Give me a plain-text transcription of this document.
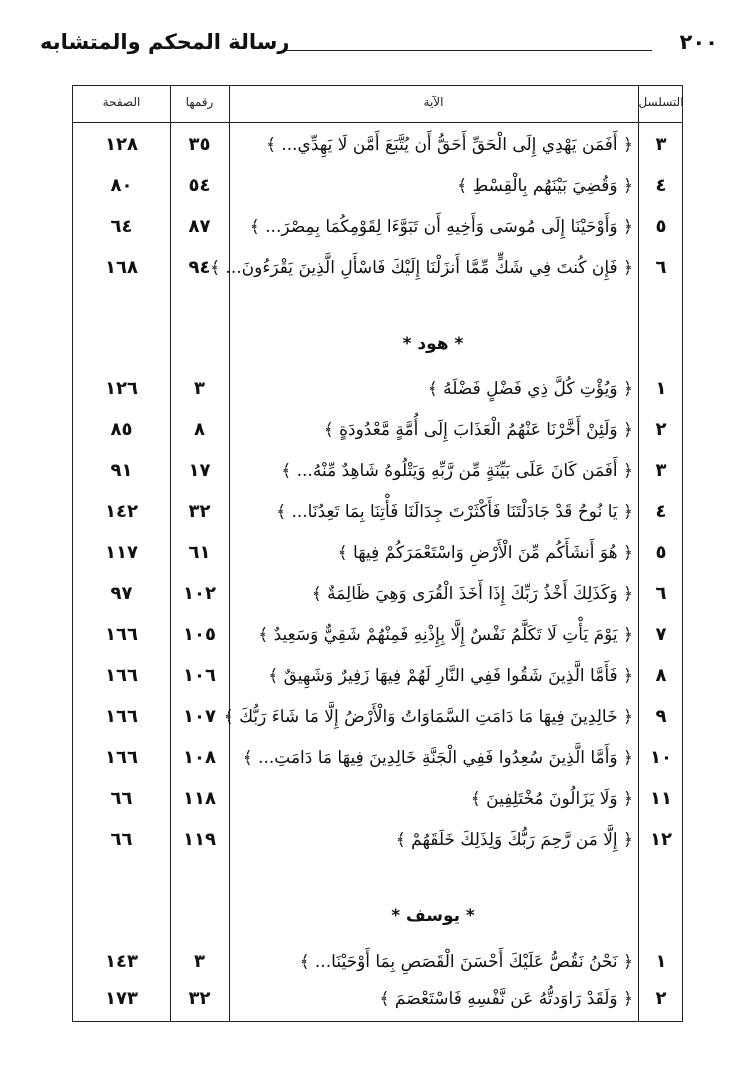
٢٠٠
رسالة المحكم والمتشابه
التسلسل
الآية
رقمها
الصفحة
٣
﴿ أَفَمَن يَهْدِي إِلَى الْحَقِّ أَحَقُّ أَن يُتَّبَعَ أَمَّن لَا يَهِدِّي... ﴾
٣٥
١٢٨
٤
﴿ وَقُضِيَ بَيْنَهُم بِالْقِسْطِ ﴾
٥٤
٨٠
٥
﴿ وَأَوْحَيْنَا إِلَى مُوسَى وَأَخِيهِ أَن تَبَوَّءَا لِقَوْمِكُمَا بِمِصْرَ... ﴾
٨٧
٦٤
٦
﴿ فَإِن كُنتَ فِي شَكٍّ مِّمَّا أَنزَلْنَا إِلَيْكَ فَاسْأَلِ الَّذِينَ يَقْرَءُونَ... ﴾
٩٤
١٦٨
* هود *
١
﴿ وَيُؤْتِ كُلَّ ذِي فَضْلٍ فَضْلَهُ ﴾
٣
١٢٦
٢
﴿ وَلَئِنْ أَخَّرْنَا عَنْهُمُ الْعَذَابَ إِلَى أُمَّةٍ مَّعْدُودَةٍ ﴾
٨
٨٥
٣
﴿ أَفَمَن كَانَ عَلَى بَيِّنَةٍ مِّن رَّبِّهِ وَيَتْلُوهُ شَاهِدٌ مِّنْهُ... ﴾
١٧
٩١
٤
﴿ يَا نُوحُ قَدْ جَادَلْتَنَا فَأَكْثَرْتَ جِدَالَنَا فَأْتِنَا بِمَا تَعِدُنَا... ﴾
٣٢
١٤٢
٥
﴿ هُوَ أَنشَأَكُم مِّنَ الْأَرْضِ وَاسْتَعْمَرَكُمْ فِيهَا ﴾
٦١
١١٧
٦
﴿ وَكَذَلِكَ أَخْذُ رَبِّكَ إِذَا أَخَذَ الْقُرَى وَهِيَ ظَالِمَةٌ ﴾
١٠٢
٩٧
٧
﴿ يَوْمَ يَأْتِ لَا تَكَلَّمُ نَفْسٌ إِلَّا بِإِذْنِهِ فَمِنْهُمْ شَقِيٌّ وَسَعِيدٌ ﴾
١٠٥
١٦٦
٨
﴿ فَأَمَّا الَّذِينَ شَقُوا فَفِي النَّارِ لَهُمْ فِيهَا زَفِيرٌ وَشَهِيقٌ ﴾
١٠٦
١٦٦
٩
﴿ خَالِدِينَ فِيهَا مَا دَامَتِ السَّمَاوَاتُ وَالْأَرْضُ إِلَّا مَا شَاءَ رَبُّكَ ﴾
١٠٧
١٦٦
١٠
﴿ وَأَمَّا الَّذِينَ سُعِدُوا فَفِي الْجَنَّةِ خَالِدِينَ فِيهَا مَا دَامَتِ... ﴾
١٠٨
١٦٦
١١
﴿ وَلَا يَزَالُونَ مُخْتَلِفِينَ ﴾
١١٨
٦٦
١٢
﴿ إِلَّا مَن رَّحِمَ رَبُّكَ وَلِذَلِكَ خَلَقَهُمْ ﴾
١١٩
٦٦
* يوسف *
١
﴿ نَحْنُ نَقُصُّ عَلَيْكَ أَحْسَنَ الْقَصَصِ بِمَا أَوْحَيْنَا... ﴾
٣
١٤٣
٢
﴿ وَلَقَدْ رَاوَدتُّهُ عَن نَّفْسِهِ فَاسْتَعْصَمَ ﴾
٣٢
١٧٣
